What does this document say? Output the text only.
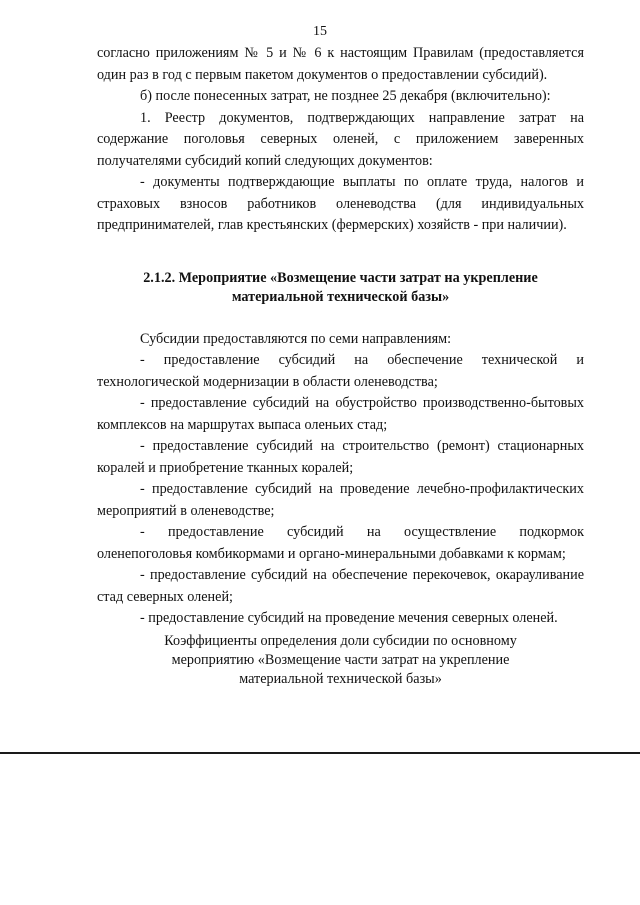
15

согласно приложениям № 5 и № 6 к настоящим Правилам (предоставляется один раз в год с первым пакетом документов о предоставлении субсидий).

б) после понесенных затрат, не позднее 25 декабря (включительно):

1. Реестр документов, подтверждающих направление затрат на содержание поголовья северных оленей, с приложением заверенных получателями субсидий копий следующих документов:

- документы подтверждающие выплаты по оплате труда, налогов и страховых взносов работников оленеводства (для индивидуальных предпринимателей, глав крестьянских (фермерских) хозяйств - при наличии).

2.1.2. Мероприятие «Возмещение части затрат на укрепление материальной технической базы»

Субсидии предоставляются по семи направлениям:

- предоставление субсидий на обеспечение технической и технологической модернизации в области оленеводства;

- предоставление субсидий на обустройство производственно-бытовых комплексов на маршрутах выпаса оленьих стад;

- предоставление субсидий на строительство (ремонт) стационарных коралей и приобретение тканных коралей;

- предоставление субсидий на проведение лечебно-профилактических мероприятий в оленеводстве;

- предоставление субсидий на осуществление подкормок оленепоголовья комбикормами и органо-минеральными добавками к кормам;

- предоставление субсидий на обеспечение перекочевок, окарауливание стад северных оленей;

- предоставление субсидий на проведение мечения северных оленей.

Коэффициенты определения доли субсидии по основному мероприятию «Возмещение части затрат на укрепление материальной технической базы»
